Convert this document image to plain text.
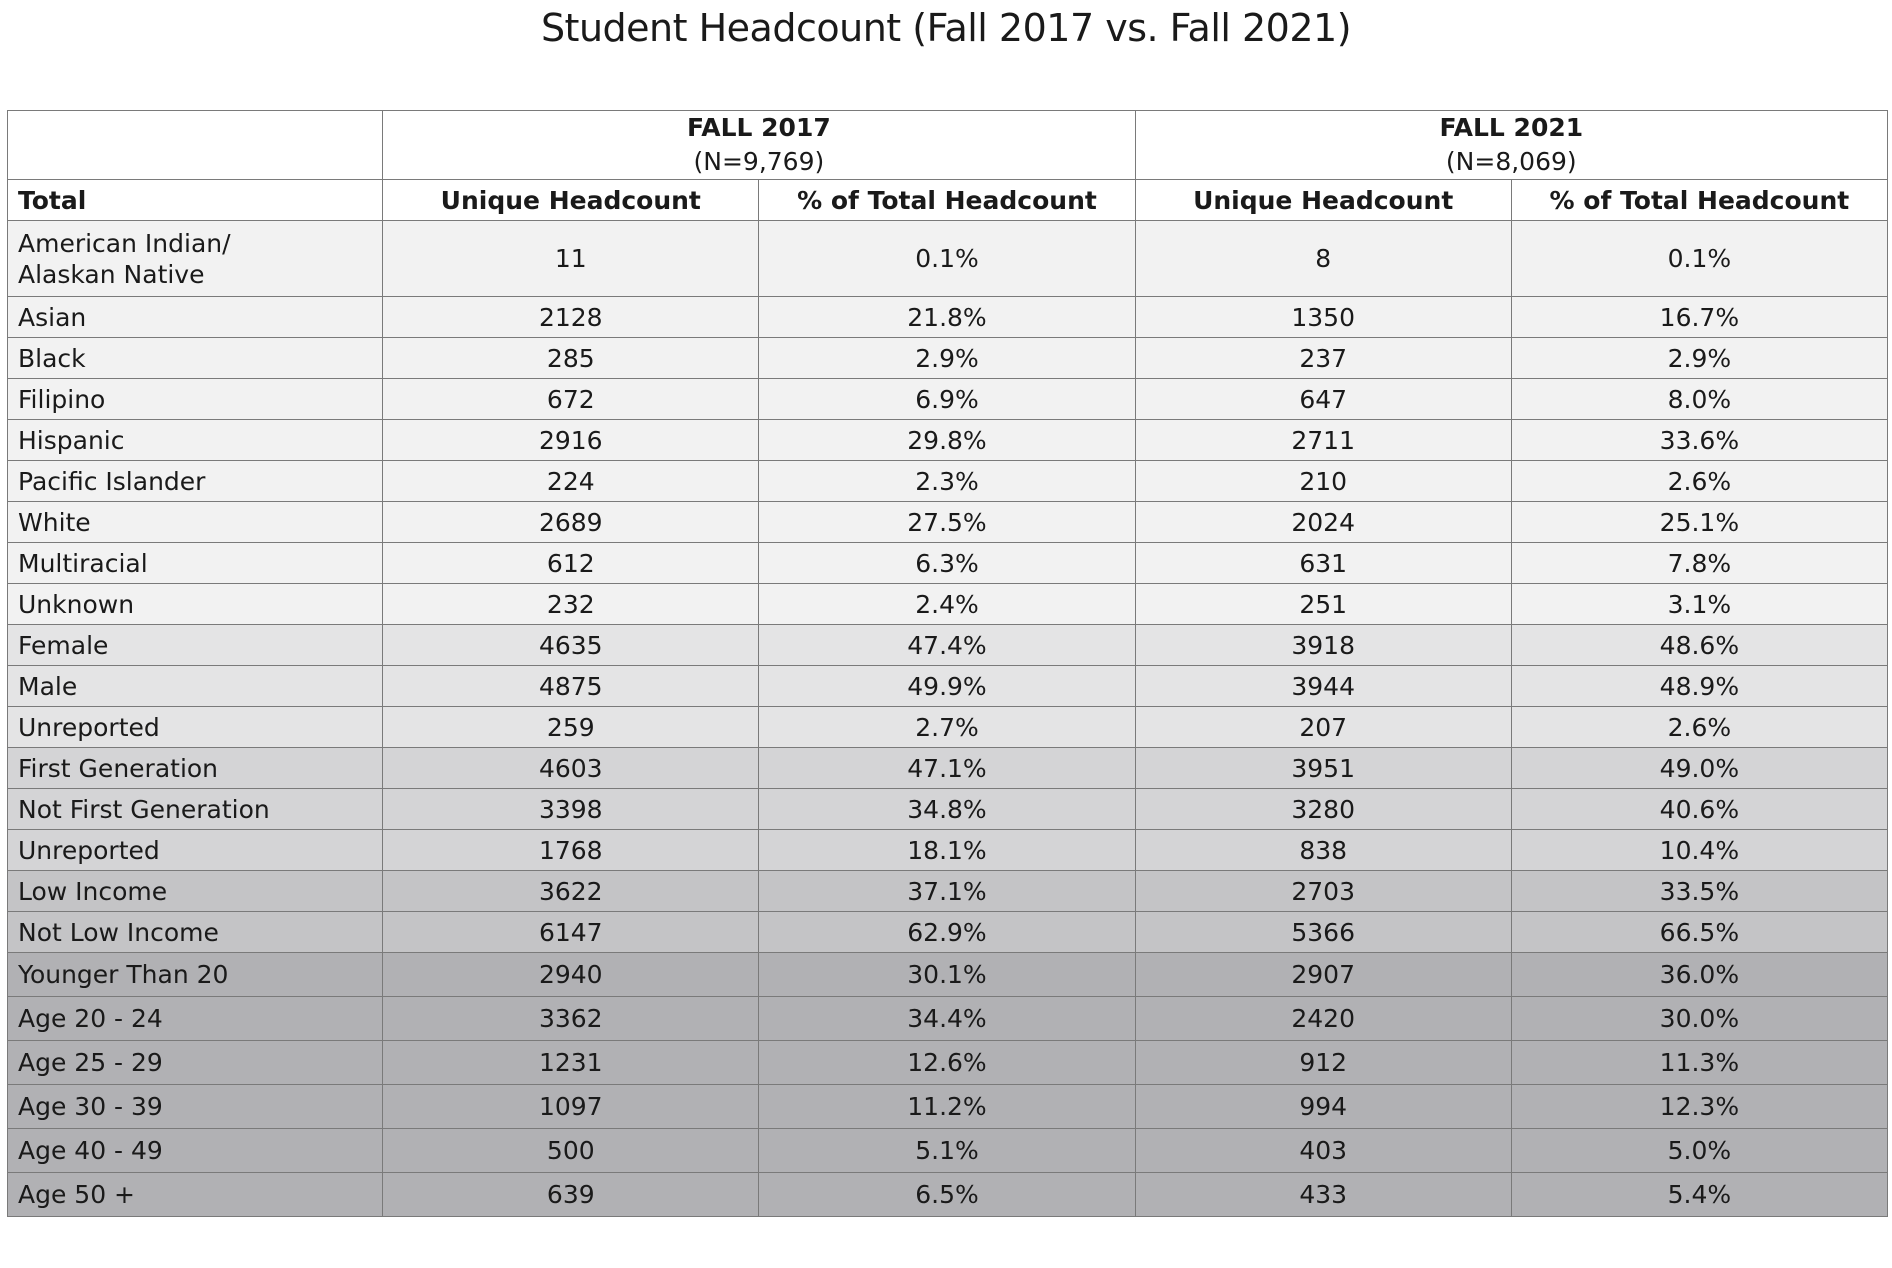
Student Headcount (Fall 2017 vs. Fall 2021)
	FALL 2017
(N=9,769)		FALL 2021
(N=8,069)	

Total	Unique Headcount	% of Total Headcount	Unique Headcount	% of Total Headcount
American Indian/
Alaskan Native	11	0.1%	8	0.1%
Asian	2128	21.8%	1350	16.7%
Black	285	2.9%	237	2.9%
Filipino	672	6.9%	647	8.0%
Hispanic	2916	29.8%	2711	33.6%
Pacific Islander	224	2.3%	210	2.6%
White	2689	27.5%	2024	25.1%
Multiracial	612	6.3%	631	7.8%
Unknown	232	2.4%	251	3.1%
Female	4635	47.4%	3918	48.6%
Male	4875	49.9%	3944	48.9%
Unreported	259	2.7%	207	2.6%
First Generation	4603	47.1%	3951	49.0%
Not First Generation	3398	34.8%	3280	40.6%
Unreported	1768	18.1%	838	10.4%
Low Income	3622	37.1%	2703	33.5%
Not Low Income	6147	62.9%	5366	66.5%
Younger Than 20	2940	30.1%	2907	36.0%
Age 20 - 24	3362	34.4%	2420	30.0%
Age 25 - 29	1231	12.6%	912	11.3%
Age 30 - 39	1097	11.2%	994	12.3%
Age 40 - 49	500	5.1%	403	5.0%
Age 50 +	639	6.5%	433	5.4%
